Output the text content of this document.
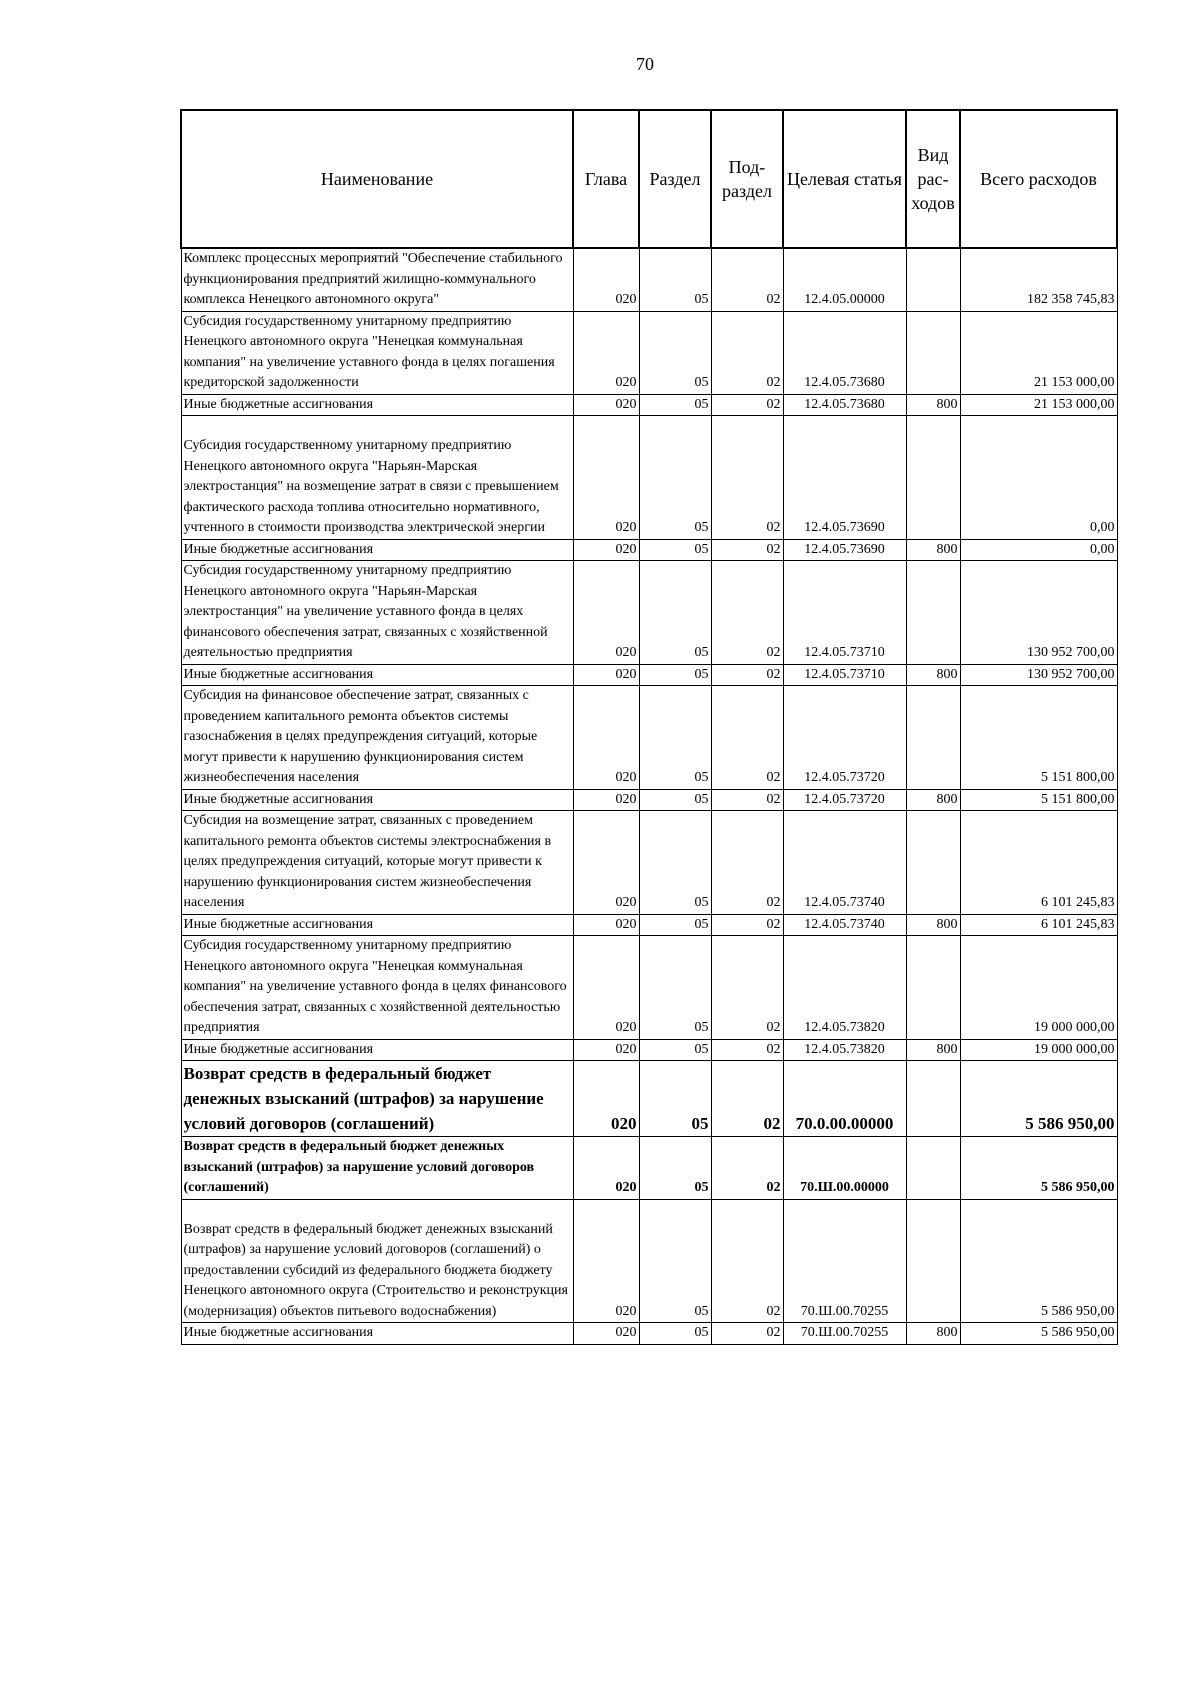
70
Наименование	Глава	Раздел	Под-раздел	Целевая статья	Вид рас-ходов	Всего расходов
Комплекс процессных мероприятий "Обеспечение стабильного функционирования предприятий жилищно-коммунального комплекса Ненецкого автономного округа"	020	05	02	12.4.05.00000		182 358 745,83
Субсидия государственному унитарному предприятию Ненецкого автономного округа "Ненецкая коммунальная компания" на увеличение уставного фонда в целях погашения кредиторской задолженности	020	05	02	12.4.05.73680		21 153 000,00
Иные бюджетные ассигнования	020	05	02	12.4.05.73680	800	21 153 000,00
Субсидия государственному унитарному предприятию Ненецкого автономного округа "Нарьян-Марская электростанция" на возмещение затрат в связи с превышением фактического расхода топлива относительно нормативного, учтенного в стоимости производства электрической энергии	020	05	02	12.4.05.73690		0,00
Иные бюджетные ассигнования	020	05	02	12.4.05.73690	800	0,00
Субсидия государственному унитарному предприятию Ненецкого автономного округа "Нарьян-Марская электростанция" на увеличение уставного фонда в целях финансового обеспечения затрат, связанных с хозяйственной деятельностью предприятия	020	05	02	12.4.05.73710		130 952 700,00
Иные бюджетные ассигнования	020	05	02	12.4.05.73710	800	130 952 700,00
Субсидия на финансовое обеспечение затрат, связанных с проведением капитального ремонта объектов системы газоснабжения в целях предупреждения ситуаций, которые могут привести к нарушению функционирования систем жизнеобеспечения населения	020	05	02	12.4.05.73720		5 151 800,00
Иные бюджетные ассигнования	020	05	02	12.4.05.73720	800	5 151 800,00
Субсидия на возмещение затрат, связанных с проведением капитального ремонта объектов системы электроснабжения в целях предупреждения ситуаций, которые могут привести к нарушению функционирования систем жизнеобеспечения населения	020	05	02	12.4.05.73740		6 101 245,83
Иные бюджетные ассигнования	020	05	02	12.4.05.73740	800	6 101 245,83
Субсидия государственному унитарному предприятию Ненецкого автономного округа "Ненецкая коммунальная компания" на увеличение уставного фонда в целях финансового обеспечения затрат, связанных с хозяйственной деятельностью предприятия	020	05	02	12.4.05.73820		19 000 000,00
Иные бюджетные ассигнования	020	05	02	12.4.05.73820	800	19 000 000,00
Возврат средств в федеральный бюджет денежных взысканий (штрафов) за нарушение условий договоров (соглашений)	020	05	02	70.0.00.00000		5 586 950,00
Возврат средств в федеральный бюджет денежных взысканий (штрафов) за нарушение условий договоров (соглашений)	020	05	02	70.Ш.00.00000		5 586 950,00
Возврат средств в федеральный бюджет денежных взысканий (штрафов) за нарушение условий договоров (соглашений) о предоставлении субсидий из федерального бюджета бюджету Ненецкого автономного округа (Строительство и реконструкция (модернизация) объектов питьевого водоснабжения)	020	05	02	70.Ш.00.70255		5 586 950,00
Иные бюджетные ассигнования	020	05	02	70.Ш.00.70255	800	5 586 950,00
